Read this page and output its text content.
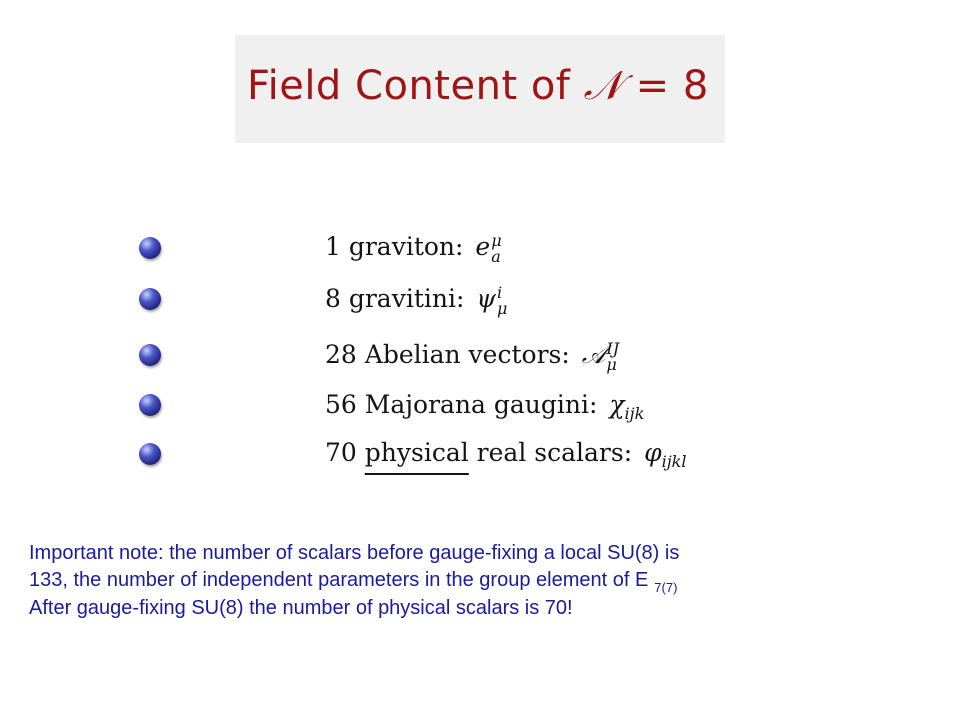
Field Content of 𝒩 = 8
1 graviton: e μ
a
8 gravitini: ψ i
μ
28 Abelian vectors: 𝒜 IJ
μ
56 Majorana gaugini: $\chi_{ijk}$
70 physical real scalars: $\varphi_{ijkl}$
Important note: the number of scalars before gauge-fixing a local SU(8) is
133, the number of independent parameters in the group element of E $_{7(7)}$
After gauge-fixing SU(8) the number of physical scalars is 70!
